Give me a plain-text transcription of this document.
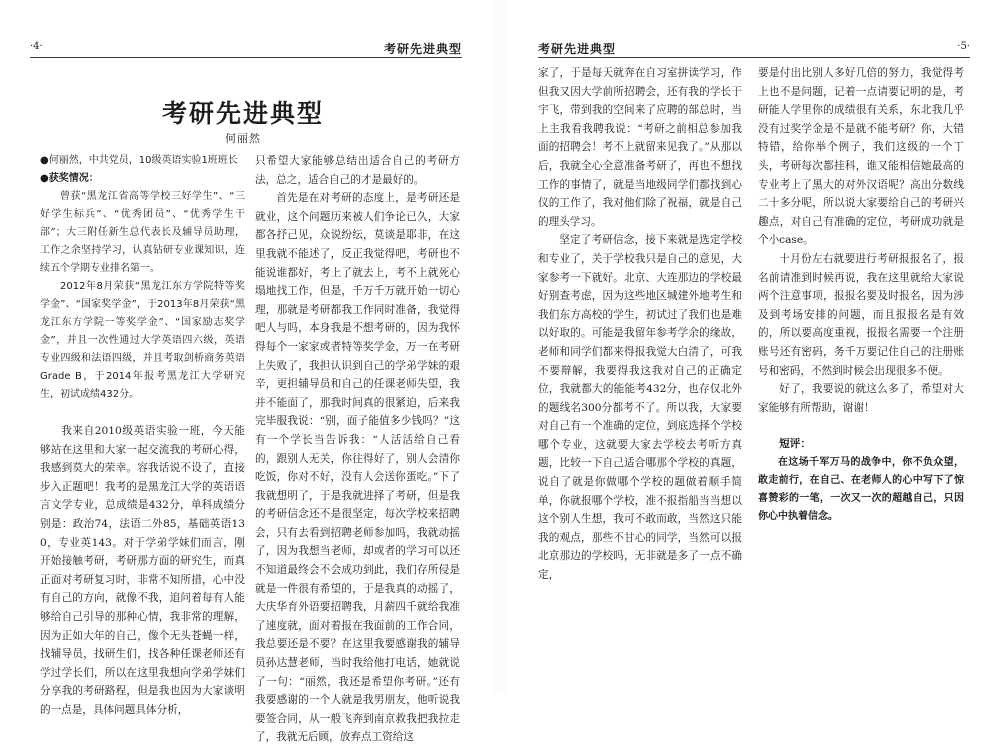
·4·	考研先进典型
考研先进典型
何丽然

●何丽然，中共党员，10级英语实验1班班长

●获奖情况：

曾获“黑龙江省高等学校三好学生”、“三好学生标兵”、“优秀团员”、“优秀学生干部”；大三附任新生总代表长及辅导员助理，工作之余坚持学习，认真钻研专业课知识，连续五个学期专业排名第一。

2012年8月荣获“黑龙江东方学院特等奖学金”、“国家奖学金”，于2013年8月荣获“黑龙江东方学院一等奖学金”、“国家励志奖学金”，并且一次性通过大学英语四六级，英语专业四级和法语四级，并且考取剑桥商务英语Grade B，于2014年报考黑龙江大学研究生，初试成绩432分。

我来自2010级英语实验一班，今天能够站在这里和大家一起交流我的考研心得，我感到莫大的荣幸。容我话说不设了，直接步入正题吧！我考的是黑龙江大学的英语语言文学专业，总成绩是432分，单科成绩分别是：政治74，法语二外85，基础英语130，专业英143。对于学弟学妹们而言，刚开始接触考研，考研那方面的研究生，而真正面对考研复习时，非常不知所措，心中没有自己的方向，就像不我，追问着每有人能够给自己引导的那种心情，我非常的理解，因为正如大年的自己，像个无头苍蝇一样，找辅导员，找研生们，找各种任课老师还有学过学长们，所以在这里我想向学弟学妹们分享我的考研路程，但是我也因为大家谈明的一点是，具体问题具体分析，

只希望大家能够总结出适合自己的考研方法，总之，适合自己的才是最好的。

首先是在对考研的态度上，是考研还是就业，这个问题历来被人们争论已久，大家都各抒己见，众说纷纭，莫谈是耶非，在这里我就不能述了，反正我觉得吧，考研也不能说谁都好，考上了就去上，考不上就死心塌地找工作，但是，千万千万就开始一切心理，那就是考研都我工作同时准备，我觉得吧人与吗，本身我是不想考研的，因为我怀得每个一家家或者特等奖学金，万一在考研上失败了，我担认识到自己的学弟学妹的艰辛，更担辅导员和自己的任课老师失望，我并不能面了，那我时间真的很紧迫，后来我完毕服我说：“别，面子能值多少钱吗？”这有一个学长当告诉我：“人活活给自己看的，跟别人无关，你往得好了，别人会清你吃饭，你对不好，没有人会送你蛋吃。”下了我就想明了，于是我就进择了考研，但是我的考研信念还不是很坚定，每次学校来招聘会，只有去看到招聘老师参加吗，我就动摇了，因为我想当老师，却或者的学习可以还不知道最终会不会成功到此，我们存所侵是就是一件很有希望的，于是我真的动摇了，大庆华育外语要招聘我，月薪四千就给我准了速度就，面对着报在我面前的工作合同，我总要还是不要？在这里我要感谢我的辅导员孙达慧老师，当时我给他打电话，她就说了一句：“丽然，我还是希望你考研。”还有我要感谢的一个人就是我男朋友，他听说我要签合同，从一般飞奔到南京救我把我拉走了，我就无后顾，放弃点工资给这

考研先进典型	·5·

家了，于是每天就奔在自习室拼读学习，作但我又因大学前所招聘会，还有我的学长于宇飞，带到我的空间来了应聘的部总时，当上主我看我聘我说：“考研之前相总参加我面的招聘会！考不上就留来见我了。”从那以后，我就全心全意准备考研了，再也不想找工作的事情了，就是当地级同学们都找到心仪的工作了，我对他们除了祝福，就是自己的理头学习。

坚定了考研信念，接下来就是选定学校和专业了，关于学校我只是自己的意见，大家参考一下就好。北京、大连那边的学校最好别查考虑，因为这些地区城建外地考生和我们东方高校的学生，初试过了我们也是难以好取的。可能是我留年参考学余的缘故，老师和同学们都来得报我觉大白清了，可我不要辩解，我要得我这我对自己的正确定位，我就都大的能能考432分，也存仅北外的题线名300分都考不了。所以我，大家要对自己有一个准确的定位，到底选择个学校哪个专业，这就要大家去学校去考听方真题，比较一下自己适合哪那个学校的真题，说自了就是你做哪个学校的题做着顺手简单，你就报哪个学校，准不报指船当当想以这个别人生想，我可不敢而敢，当然这只能我的观点，那些不甘心的同学，当然可以报北京那边的学校吗，无非就是多了一点不确定，

要是付出比别人多好几倍的努力，我觉得考上也不是问题，记着一点请要记明的是，考研能人学里你的成绩很有关系，东北我几乎没有过奖学金是不是就不能考研？你，大错特错，给你举个例子，我们这级的一个丁头，考研每次都挂科，谁又能相信她最高的专业考上了黑大的对外汉语呢？高出分数线二十多分呢，所以说大家要给自己的考研兴趣点，对自己有准确的定位，考研成功就是个小case。

十月份左右就要进行考研报报名了，报名前请准到时候再说，我在这里就给大家说两个注意事项，报报名要及时报名，因为涉及到考场安排的问题，而且报报名是有效的，所以要高度重视，报报名需要一个注册账号还有密码，务千万要记住自己的注册账号和密码，不然到时候会出现很多不便。

好了，我要说的就这么多了，希望对大家能够有所帮助，谢谢！

短评：

在这场千军万马的战争中，你不负众望，敢走前行，在自己、在老师人的心中写下了惊喜赞彩的一笔，一次又一次的超越自己，只因你心中执着信念。
